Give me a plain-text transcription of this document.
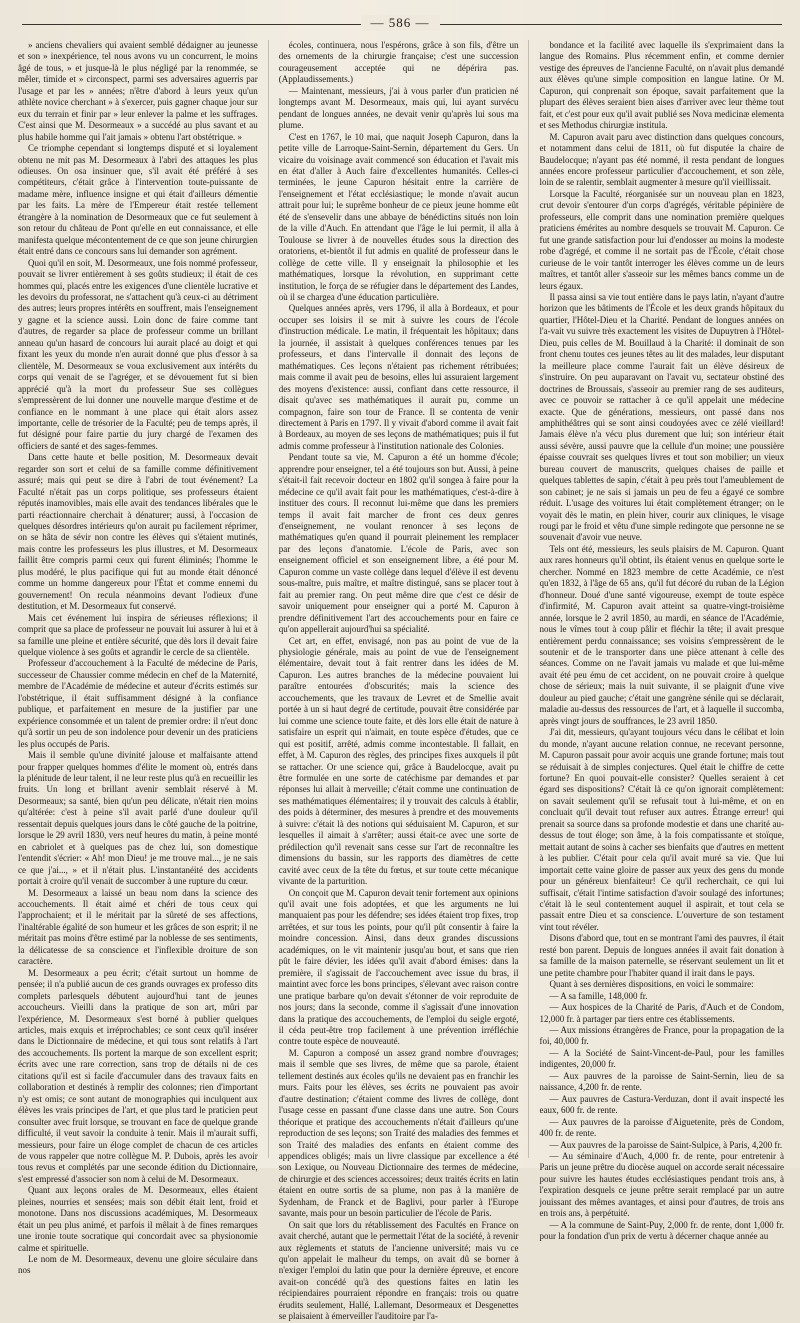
— 586 —

» anciens chevaliers qui avaient semblé dédaigner au jeunesse et son » inexpérience, tel nous avons vu un concurrent, le moins âgé de tous, » et jusque-là le plus négligé par la renommée, se mêler, timide et » circonspect, parmi ses adversaires aguerris par l'usage et par les » années; n'être d'abord à leurs yeux qu'un athlète novice cherchant » à s'exercer, puis gagner chaque jour sur eux du terrain et finir par » leur enlever la palme et les suffrages. C'est ainsi que M. Desormeaux » a succédé au plus savant et au plus habile homme qui l'ait jamais » obtenu l'art obstétrique. »

Ce triomphe cependant si longtemps disputé et si loyalement obtenu ne mit pas M. Desormeaux à l'abri des attaques les plus odieuses. On osa insinuer que, s'il avait été préféré à ses compétiteurs, c'était grâce à l'intervention toute-puissante de madame mère, influence insigne et qui était d'ailleurs démentie par les faits. La mère de l'Empereur était restée tellement étrangère à la nomination de Desormeaux que ce fut seulement à son retour du château de Pont qu'elle en eut connaissance, et elle manifesta quelque mécontentement de ce que son jeune chirurgien était entré dans ce concours sans lui demander son agrément.

Quoi qu'il en soit, M. Desormeaux, une fois nommé professeur, pouvait se livrer entièrement à ses goûts studieux; il était de ces hommes qui, placés entre les exigences d'une clientèle lucrative et les devoirs du professorat, ne s'attachent qu'à ceux-ci au détriment des autres; leurs propres intérêts en souffrent, mais l'enseignement y gagne et la science aussi. Loin donc de faire comme tant d'autres, de regarder sa place de professeur comme un brillant anneau qu'un hasard de concours lui aurait placé au doigt et qui fixant les yeux du monde n'en aurait donné que plus d'essor à sa clientèle, M. Desormeaux se voua exclusivement aux intérêts du corps qui venait de se l'agréger, et se dévouement fut si bien apprécié qu'à la mort du professeur Sue ses collègues s'empressèrent de lui donner une nouvelle marque d'estime et de confiance en le nommant à une place qui était alors assez importante, celle de trésorier de la Faculté; peu de temps après, il fut désigné pour faire partie du jury chargé de l'examen des officiers de santé et des sages-femmes.

Dans cette haute et belle position, M. Desormeaux devait regarder son sort et celui de sa famille comme définitivement assuré; mais qui peut se dire à l'abri de tout événement? La Faculté n'était pas un corps politique, ses professeurs étaient réputés inamovibles, mais elle avait des tendances libérales que le parti réactionnaire cherchait à dénaturer; aussi, à l'occasion de quelques désordres intérieurs qu'on aurait pu facilement réprimer, on se hâta de sévir non contre les élèves qui s'étaient mutinés, mais contre les professeurs les plus illustres, et M. Desormeaux faillit être compris parmi ceux qui furent éliminés; l'homme le plus modéré, le plus pacifique qui fut au monde était dénoncé comme un homme dangereux pour l'État et comme ennemi du gouvernement! On recula néanmoins devant l'odieux d'une destitution, et M. Desormeaux fut conservé.

Mais cet événement lui inspira de sérieuses réflexions; il comprit que sa place de professeur ne pouvait lui assurer à lui et à sa famille une pleine et entière sécurité, que dès lors il devait faire quelque violence à ses goûts et agrandir le cercle de sa clientèle.

Professeur d'accouchement à la Faculté de médecine de Paris, successeur de Chaussier comme médecin en chef de la Maternité, membre de l'Académie de médecine et auteur d'écrits estimés sur l'obstétrique, il était suffisamment désigné à la confiance publique, et parfaitement en mesure de la justifier par une expérience consommée et un talent de premier ordre: il n'eut donc qu'à sortir un peu de son indolence pour devenir un des praticiens les plus occupés de Paris.

Mais il semble qu'une divinité jalouse et malfaisante attend pour frapper quelques hommes d'élite le moment où, entrés dans la plénitude de leur talent, il ne leur reste plus qu'à en recueillir les fruits. Un long et brillant avenir semblait réservé à M. Desormeaux; sa santé, bien qu'un peu délicate, n'était rien moins qu'altérée: c'est à peine s'il avait parlé d'une douleur qu'il ressentait depuis quelques jours dans le côté gauche de la poitrine, lorsque le 29 avril 1830, vers neuf heures du matin, à peine monté en cabriolet et à quelques pas de chez lui, son domestique l'entendit s'écrier: « Ah! mon Dieu! je me trouve mal..., je ne sais ce que j'ai..., » et il n'était plus. L'instantanéité des accidents portait à croire qu'il venait de succomber à une rupture du cœur.

M. Desormeaux a laissé un beau nom dans la science des accouchements. Il était aimé et chéri de tous ceux qui l'approchaient; et il le méritait par la sûreté de ses affections, l'inaltérable égalité de son humeur et les grâces de son esprit; il ne méritait pas moins d'être estimé par la noblesse de ses sentiments, la délicatesse de sa conscience et l'inflexible droiture de son caractère.

M. Desormeaux a peu écrit; c'était surtout un homme de pensée; il n'a publié aucun de ces grands ouvrages ex professo dits complets parlesquels débutent aujourd'hui tant de jeunes accoucheurs. Vieilli dans la pratique de son art, mûri par l'expérience, M. Desormeaux s'est borné à publier quelques articles, mais exquis et irréprochables; ce sont ceux qu'il insérer dans le Dictionnaire de médecine, et qui tous sont relatifs à l'art des accouchements. Ils portent la marque de son excellent esprit; écrits avec une rare correction, sans trop de détails ni de ces citations qu'il est si facile d'accumuler dans des travaux faits en collaboration et destinés à remplir des colonnes; rien d'important n'y est omis; ce sont autant de monographies qui inculquent aux élèves les vrais principes de l'art, et que plus tard le praticien peut consulter avec fruit lorsque, se trouvant en face de quelque grande difficulté, il veut savoir la conduite à tenir. Mais il m'aurait suffi, messieurs, pour faire un éloge complet de chacun de ces articles de vous rappeler que notre collègue M. P. Dubois, après les avoir tous revus et complétés par une seconde édition du Dictionnaire, s'est empressé d'associer son nom à celui de M. Desormeaux.

Quant aux leçons orales de M. Desormeaux, elles étaient pleines, nourries et sensées; mais son débit était lent, froid et monotone. Dans nos discussions académiques, M. Desormeaux était un peu plus animé, et parfois il mêlait à de fines remarques une ironie toute socratique qui concordait avec sa physionomie calme et spirituelle.

Le nom de M. Desormeaux, devenu une gloire séculaire dans nos

écoles, continuera, nous l'espérons, grâce à son fils, d'être un des ornements de la chirurgie française; c'est une succession courageusement acceptée qui ne dépérira pas. (Applaudissements.)

— Maintenant, messieurs, j'ai à vous parler d'un praticien né longtemps avant M. Desormeaux, mais qui, lui ayant survécu pendant de longues années, ne devait venir qu'après lui sous ma plume.

C'est en 1767, le 10 mai, que naquit Joseph Capuron, dans la petite ville de Larroque-Saint-Sernin, département du Gers. Un vicaire du voisinage avait commencé son éducation et l'avait mis en état d'aller à Auch faire d'excellentes humanités. Celles-ci terminées, le jeune Capuron hésitait entre la carrière de l'enseignement et l'état ecclésiastique; le monde n'avait aucun attrait pour lui; le suprême bonheur de ce pieux jeune homme eût été de s'ensevelir dans une abbaye de bénédictins situés non loin de la ville d'Auch. En attendant que l'âge le lui permit, il alla à Toulouse se livrer à de nouvelles études sous la direction des oratoriens, et-bientôt il fut admis en qualité de professeur dans le collège de cette ville. Il y enseignait la philosophie et les mathématiques, lorsque la révolution, en supprimant cette institution, le força de se réfugier dans le département des Landes, où il se chargea d'une éducation particulière.

Quelques années après, vers 1796, il alla à Bordeaux, et pour occuper ses loisirs il se mit à suivre les cours de l'école d'instruction médicale. Le matin, il fréquentait les hôpitaux; dans la journée, il assistait à quelques conférences tenues par les professeurs, et dans l'intervalle il donnait des leçons de mathématiques. Ces leçons n'étaient pas richement rétribuées; mais comme il avait peu de besoins, elles lui assuraient largement des moyens d'existence: aussi, confiant dans cette ressource, il disait qu'avec ses mathématiques il aurait pu, comme un compagnon, faire son tour de France. Il se contenta de venir directement à Paris en 1797. Il y vivait d'abord comme il avait fait à Bordeaux, au moyen de ses leçons de mathématiques; puis il fut admis comme professeur à l'institution nationale des Colonies.

Pendant toute sa vie, M. Capuron a été un homme d'école; apprendre pour enseigner, tel a été toujours son but. Aussi, à peine s'était-il fait recevoir docteur en 1802 qu'il songea à faire pour la médecine ce qu'il avait fait pour les mathématiques, c'est-à-dire à instituer des cours. Il reconnut lui-même que dans les premiers temps il avait fait marcher de front ces deux genres d'enseignement, ne voulant renoncer à ses leçons de mathématiques qu'en quand il pourrait pleinement les remplacer par des leçons d'anatomie. L'école de Paris, avec son enseignement officiel et son enseignement libre, a été pour M. Capuron comme un vaste collège dans lequel d'élève il est devenu sous-maître, puis maître, et maître distingué, sans se placer tout à fait au premier rang. On peut même dire que c'est ce désir de savoir uniquement pour enseigner qui a porté M. Capuron à prendre définitivement l'art des accouchements pour en faire ce qu'on appellerait aujourd'hui sa spécialité.

Cet art, en effet, envisagé, non pas au point de vue de la physiologie générale, mais au point de vue de l'enseignement élémentaire, devait tout à fait rentrer dans les idées de M. Capuron. Les autres branches de la médecine pouvaient lui paraître entourées d'obscurités; mais la science des accouchements, que les travaux de Levret et de Smellie avait portée à un si haut degré de certitude, pouvait être considérée par lui comme une science toute faite, et dès lors elle était de nature à satisfaire un esprit qui n'aimait, en toute espèce d'études, que ce qui est positif, arrêté, admis comme incontestable. Il fallait, en effet, à M. Capuron des règles, des principes fixes auxquels il pût se rattacher. Or une science qui, grâce à Baudelocque, avait pu être formulée en une sorte de catéchisme par demandes et par réponses lui allait à merveille; c'était comme une continuation de ses mathématiques élémentaires; il y trouvait des calculs à établir, des poids à déterminer, des mesures à prendre et des mouvements à suivre: c'était là des notions qui séduisaient M. Capuron, et sur lesquelles il aimait à s'arrêter; aussi était-ce avec une sorte de prédilection qu'il revenait sans cesse sur l'art de reconnaître les dimensions du bassin, sur les rapports des diamètres de cette cavité avec ceux de la tête du fœtus, et sur toute cette mécanique vivante de la parturition.

On conçoit que M. Capuron devait tenir fortement aux opinions qu'il avait une fois adoptées, et que les arguments ne lui manquaient pas pour les défendre; ses idées étaient trop fixes, trop arrêtées, et sur tous les points, pour qu'il pût consentir à faire la moindre concession. Ainsi, dans deux grandes discussions académiques, on le vit maintenir jusqu'au bout, et sans que rien pût le faire dévier, les idées qu'il avait d'abord émises: dans la première, il s'agissait de l'accouchement avec issue du bras, il maintint avec force les bons principes, s'élevant avec raison contre une pratique barbare qu'on devait s'étonner de voir reproduite de nos jours; dans la seconde, comme il s'agissait d'une innovation dans la pratique des accouchements, de l'emploi du seigle ergoté, il céda peut-être trop facilement à une prévention irréfléchie contre toute espèce de nouveauté.

M. Capuron a composé un assez grand nombre d'ouvrages; mais il semble que ses livres, de même que sa parole, étaient tellement destinés aux écoles qu'ils ne devaient pas en franchir les murs. Faits pour les élèves, ses écrits ne pouvaient pas avoir d'autre destination; c'étaient comme des livres de collège, dont l'usage cesse en passant d'une classe dans une autre. Son Cours théorique et pratique des accouchements n'était d'ailleurs qu'une reproduction de ses leçons; son Traité des maladies des femmes et son Traité des maladies des enfants en étaient comme des appendices obligés; mais un livre classique par excellence a été son Lexique, ou Nouveau Dictionnaire des termes de médecine, de chirurgie et des sciences accessoires; deux traités écrits en latin étaient en outre sortis de sa plume, non pas à la manière de Sydenham, de Franck et de Baglivi, pour parler à l'Europe savante, mais pour un besoin particulier de l'école de Paris.

On sait que lors du rétablissement des Facultés en France on avait cherché, autant que le permettait l'état de la société, à revenir aux règlements et statuts de l'ancienne université; mais vu ce qu'on appelait le malheur du temps, on avait dû se borner à n'exiger l'emploi du latin que pour la dernière épreuve, et encore avait-on concédé qu'à des questions faites en latin les récipiendaires pourraient répondre en français: trois ou quatre érudits seulement, Hallé, Lallemant, Desormeaux et Desgenettes se plaisaient à émerveiller l'auditoire par l'a-

bondance et la facilité avec laquelle ils s'exprimaient dans la langue des Romains. Plus récemment enfin, et comme dernier vestige des épreuves de l'ancienne Faculté, on n'avait plus demandé aux élèves qu'une simple composition en langue latine. Or M. Capuron, qui conprenait son époque, savait parfaitement que la plupart des élèves seraient bien aises d'arriver avec leur thème tout fait, et c'est pour eux qu'il avait publié ses Nova medicinæ elementa et ses Methodus chirurgiæ institula.

M. Capuron avait paru avec distinction dans quelques concours, et notamment dans celui de 1811, où fut disputée la chaire de Baudelocque; n'ayant pas été nommé, il resta pendant de longues années encore professeur particulier d'accouchement, et son zèle, loin de se ralentir, semblait augmenter à mesure qu'il vieillissait.

Lorsque la Faculté, réorganisée sur un nouveau plan en 1823, crut devoir s'entourer d'un corps d'agrégés, véritable pépinière de professeurs, elle comprit dans une nomination première quelques praticiens émérites au nombre desquels se trouvait M. Capuron. Ce fut une grande satisfaction pour lui d'endosser au moins la modeste robe d'agrégé, et comme il ne sortait pas de l'École, c'était chose curieuse de le voir tantôt interroger les élèves comme un de leurs maîtres, et tantôt aller s'asseoir sur les mêmes bancs comme un de leurs égaux.

Il passa ainsi sa vie tout entière dans le pays latin, n'ayant d'autre horizon que les bâtiments de l'École et les deux grands hôpitaux du quartier, l'Hôtel-Dieu et la Charité. Pendant de longues années on l'a-vait vu suivre très exactement les visites de Dupuytren à l'Hôtel-Dieu, puis celles de M. Bouillaud à la Charité: il dominait de son front chenu toutes ces jeunes têtes au lit des malades, leur disputant la meilleure place comme l'aurait fait un élève désireux de s'instruire. On peu auparavant on l'avait vu, sectateur obstiné des doctrines de Broussais, s'asseoir au premier rang de ses auditeurs, avec ce pouvoir se rattacher à ce qu'il appelait une médecine exacte. Que de générations, messieurs, ont passé dans nos amphithéâtres qui se sont ainsi coudoyées avec ce zélé vieillard! Jamais élève n'a vécu plus durement que lui; son intérieur était aussi sévère, aussi pauvre que la cellule d'un moine; une poussière épaisse couvrait ses quelques livres et tout son mobilier; un vieux bureau couvert de manuscrits, quelques chaises de paille et quelques tablettes de sapin, c'était à peu près tout l'ameublement de son cabinet; je ne sais si jamais un peu de feu a égayé ce sombre réduit. L'usage des voitures lui était complètement étranger; on le voyait dès le matin, en plein hiver, courir aux cliniques, le visage rougi par le froid et vêtu d'une simple redingote que personne ne se souvenait d'avoir vue neuve.

Tels ont été, messieurs, les seuls plaisirs de M. Capuron. Quant aux rares honneurs qu'il obtint, ils étaient venus en quelque sorte le chercher. Nommé en 1823 membre de cette Académie, ce n'est qu'en 1832, à l'âge de 65 ans, qu'il fut décoré du ruban de la Légion d'honneur. Doué d'une santé vigoureuse, exempt de toute espèce d'infirmité, M. Capuron avait atteint sa quatre-vingt-troisième année, lorsque le 2 avril 1850, au mardi, en séance de l'Académie, nous le vîmes tout à coup pâlir et fléchir la tête; il avait presque entièrement perdu connaissance; ses voisins s'empressèrent de le soutenir et de le transporter dans une pièce attenant à celle des séances. Comme on ne l'avait jamais vu malade et que lui-même avait été peu ému de cet accident, on ne pouvait croire à quelque chose de sérieux; mais la nuit suivante, il se plaignit d'une vive douleur au pied gauche; c'était une gangrène sénile qui se déclarait, maladie au-dessus des ressources de l'art, et à laquelle il succomba, après vingt jours de souffrances, le 23 avril 1850.

J'ai dit, messieurs, qu'ayant toujours vécu dans le célibat et loin du monde, n'ayant aucune relation connue, ne recevant personne, M. Capuron passait pour avoir acquis une grande fortune; mais tout se réduisait à de simples conjectures. Quel était le chiffre de cette fortune? En quoi pouvait-elle consister? Quelles seraient à cet égard ses dispositions? C'était là ce qu'on ignorait complètement: on savait seulement qu'il se refusait tout à lui-même, et on en concluait qu'il devait tout refuser aux autres. Étrange erreur! qui prenait sa source dans sa profonde modestie et dans une charité au-dessus de tout éloge; son âme, à la fois compatissante et stoïque, mettait autant de soins à cacher ses bienfaits que d'autres en mettent à les publier. C'était pour cela qu'il avait muré sa vie. Que lui importait cette vaine gloire de passer aux yeux des gens du monde pour un généreux bienfaiteur! Ce qu'il recherchait, ce qui lui suffisait, c'était l'intime satisfaction d'avoir soulagé des infortunes; c'était là le seul contentement auquel il aspirait, et tout cela se passait entre Dieu et sa conscience. L'ouverture de son testament vint tout révéler.

Disons d'abord que, tout en se montrant l'ami des pauvres, il était resté bon parent. Depuis de longues années il avait fait donation à sa famille de la maison paternelle, se réservant seulement un lit et une petite chambre pour l'habiter quand il irait dans le pays.

Quant à ses dernières dispositions, en voici le sommaire:

— A sa famille, 148,000 fr.

— Aux hospices de la Charité de Paris, d'Auch et de Condom, 12,000 fr. à partager par tiers entre ces établissements.

— Aux missions étrangères de France, pour la propagation de la foi, 40,000 fr.

— A la Société de Saint-Vincent-de-Paul, pour les familles indigentes, 20,000 fr.

— Aux pauvres de la paroisse de Saint-Sernin, lieu de sa naissance, 4,200 fr. de rente.

— Aux pauvres de Castura-Verduzan, dont il avait inspecté les eaux, 600 fr. de rente.

— Aux pauvres de la paroisse d'Aiguetenite, près de Condom, 400 fr. de rente.

— Aux pauvres de la paroisse de Saint-Sulpice, à Paris, 4,200 fr.

— Au séminaire d'Auch, 4,000 fr. de rente, pour entretenir à Paris un jeune prêtre du diocèse auquel on accorde serait nécessaire pour suivre les hautes études ecclésiastiques pendant trois ans, à l'expiration desquels ce jeune prêtre serait remplacé par un autre jouissant des mêmes avantages, et ainsi pour d'autres, de trois ans en trois ans, à perpétuité.

— A la commune de Saint-Puy, 2,000 fr. de rente, dont 1,000 fr. pour la fondation d'un prix de vertu à décerner chaque année au
